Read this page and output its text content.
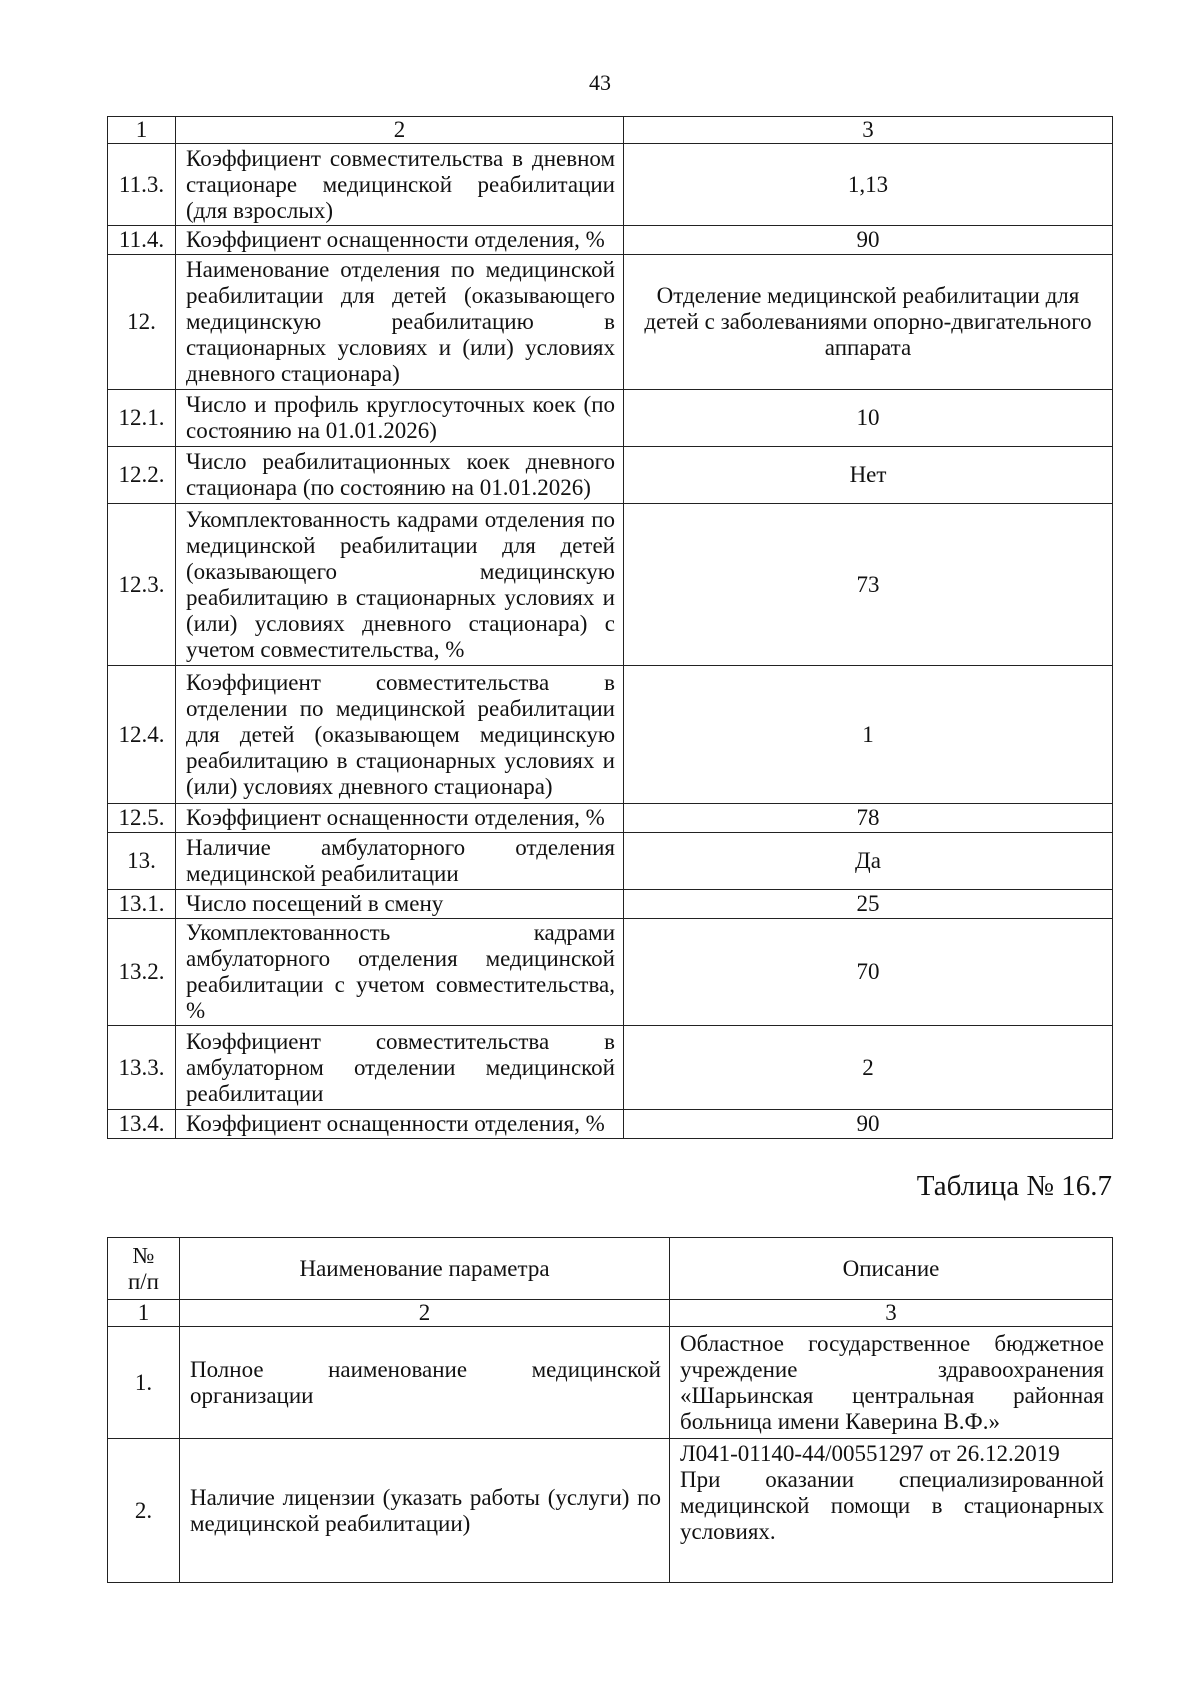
43
1	2	3
11.3.	Коэффициент совместительства в дневном стационаре медицинской реабилитации (для взрослых)	1,13
11.4.	Коэффициент оснащенности отделения, %	90
12.	Наименование отделения по медицинской реабилитации для детей (оказывающего медицинскую реабилитацию в стационарных условиях и (или) условиях дневного стационара)	Отделение медицинской реабилитации для детей с заболеваниями опорно-двигательного аппарата
12.1.	Число и профиль круглосуточных коек (по состоянию на 01.01.2026)	10
12.2.	Число реабилитационных коек дневного стационара (по состоянию на 01.01.2026)	Нет
12.3.	Укомплектованность кадрами отделения по медицинской реабилитации для детей (оказывающего медицинскую реабилитацию в стационарных условиях и (или) условиях дневного стационара) с учетом совместительства, %	73
12.4.	Коэффициент совместительства в отделении по медицинской реабилитации для детей (оказывающем медицинскую реабилитацию в стационарных условиях и (или) условиях дневного стационара)	1
12.5.	Коэффициент оснащенности отделения, %	78
13.	Наличие амбулаторного отделения медицинской реабилитации	Да
13.1.	Число посещений в смену	25
13.2.	Укомплектованность кадрами амбулаторного отделения медицинской реабилитации с учетом совместительства, %	70
13.3.	Коэффициент совместительства в амбулаторном отделении медицинской реабилитации	2
13.4.	Коэффициент оснащенности отделения, %	90
Таблица № 16.7
№
п/п	Наименование параметра	Описание
1	2	3
1.	Полное наименование медицинской организации	Областное государственное бюджетное учреждение здравоохранения «Шарьинская центральная районная больница имени Каверина В.Ф.»
2.	Наличие лицензии (указать работы (услуги) по медицинской реабилитации)	Л041-01140-44/00551297 от 26.12.2019
При оказании специализированной медицинской помощи в стационарных условиях.
